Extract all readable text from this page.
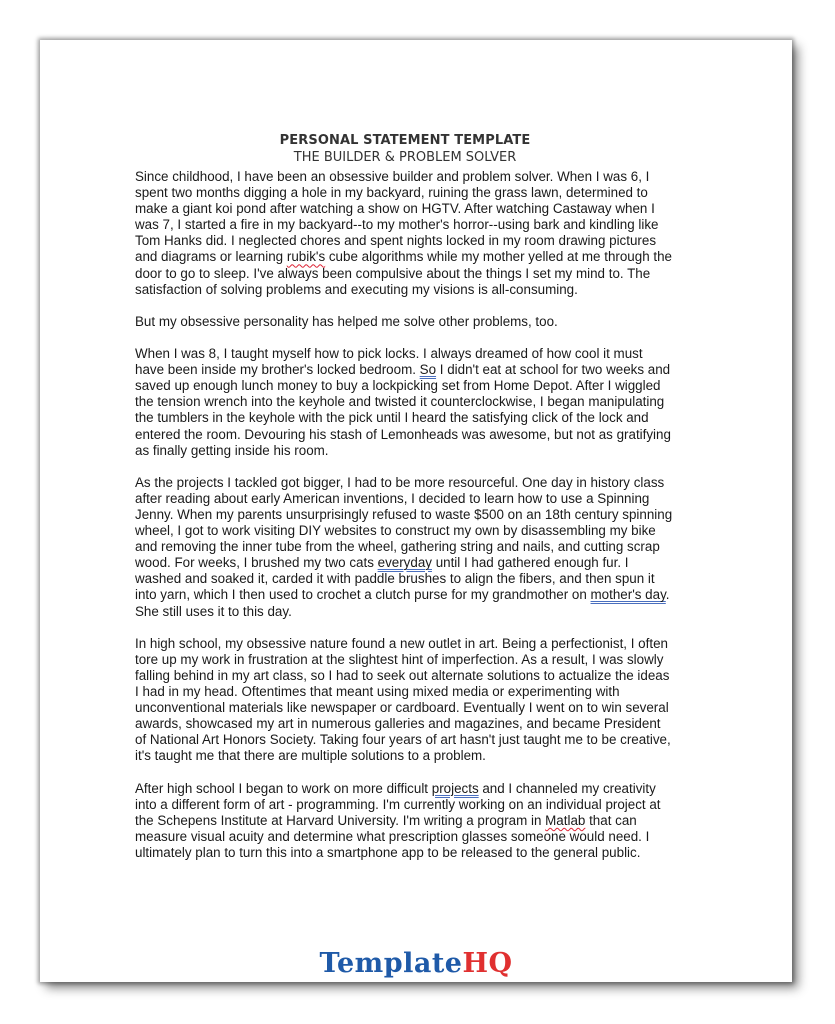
PERSONAL STATEMENT TEMPLATE

THE BUILDER & PROBLEM SOLVER

Since childhood, I have been an obsessive builder and problem solver. When I was 6, I spent two months digging a hole in my backyard, ruining the grass lawn, determined to make a giant koi pond after watching a show on HGTV. After watching Castaway when I was 7, I started a fire in my backyard--to my mother's horror--using bark and kindling like Tom Hanks did. I neglected chores and spent nights locked in my room drawing pictures and diagrams or learning rubik's cube algorithms while my mother yelled at me through the door to go to sleep. I've always been compulsive about the things I set my mind to. The satisfaction of solving problems and executing my visions is all-consuming.

But my obsessive personality has helped me solve other problems, too.

When I was 8, I taught myself how to pick locks. I always dreamed of how cool it must have been inside my brother's locked bedroom. So I didn't eat at school for two weeks and saved up enough lunch money to buy a lockpicking set from Home Depot. After I wiggled the tension wrench into the keyhole and twisted it counterclockwise, I began manipulating the tumblers in the keyhole with the pick until I heard the satisfying click of the lock and entered the room. Devouring his stash of Lemonheads was awesome, but not as gratifying as finally getting inside his room.

As the projects I tackled got bigger, I had to be more resourceful. One day in history class after reading about early American inventions, I decided to learn how to use a Spinning Jenny. When my parents unsurprisingly refused to waste $500 on an 18th century spinning wheel, I got to work visiting DIY websites to construct my own by disassembling my bike and removing the inner tube from the wheel, gathering string and nails, and cutting scrap wood. For weeks, I brushed my two cats everyday until I had gathered enough fur. I washed and soaked it, carded it with paddle brushes to align the fibers, and then spun it into yarn, which I then used to crochet a clutch purse for my grandmother on mother's day. She still uses it to this day.

In high school, my obsessive nature found a new outlet in art. Being a perfectionist, I often tore up my work in frustration at the slightest hint of imperfection. As a result, I was slowly falling behind in my art class, so I had to seek out alternate solutions to actualize the ideas I had in my head. Oftentimes that meant using mixed media or experimenting with unconventional materials like newspaper or cardboard. Eventually I went on to win several awards, showcased my art in numerous galleries and magazines, and became President of National Art Honors Society. Taking four years of art hasn't just taught me to be creative, it's taught me that there are multiple solutions to a problem.

After high school I began to work on more difficult projects and I channeled my creativity into a different form of art - programming. I'm currently working on an individual project at the Schepens Institute at Harvard University. I'm writing a program in Matlab that can measure visual acuity and determine what prescription glasses someone would need. I ultimately plan to turn this into a smartphone app to be released to the general public.

TemplateHQ
